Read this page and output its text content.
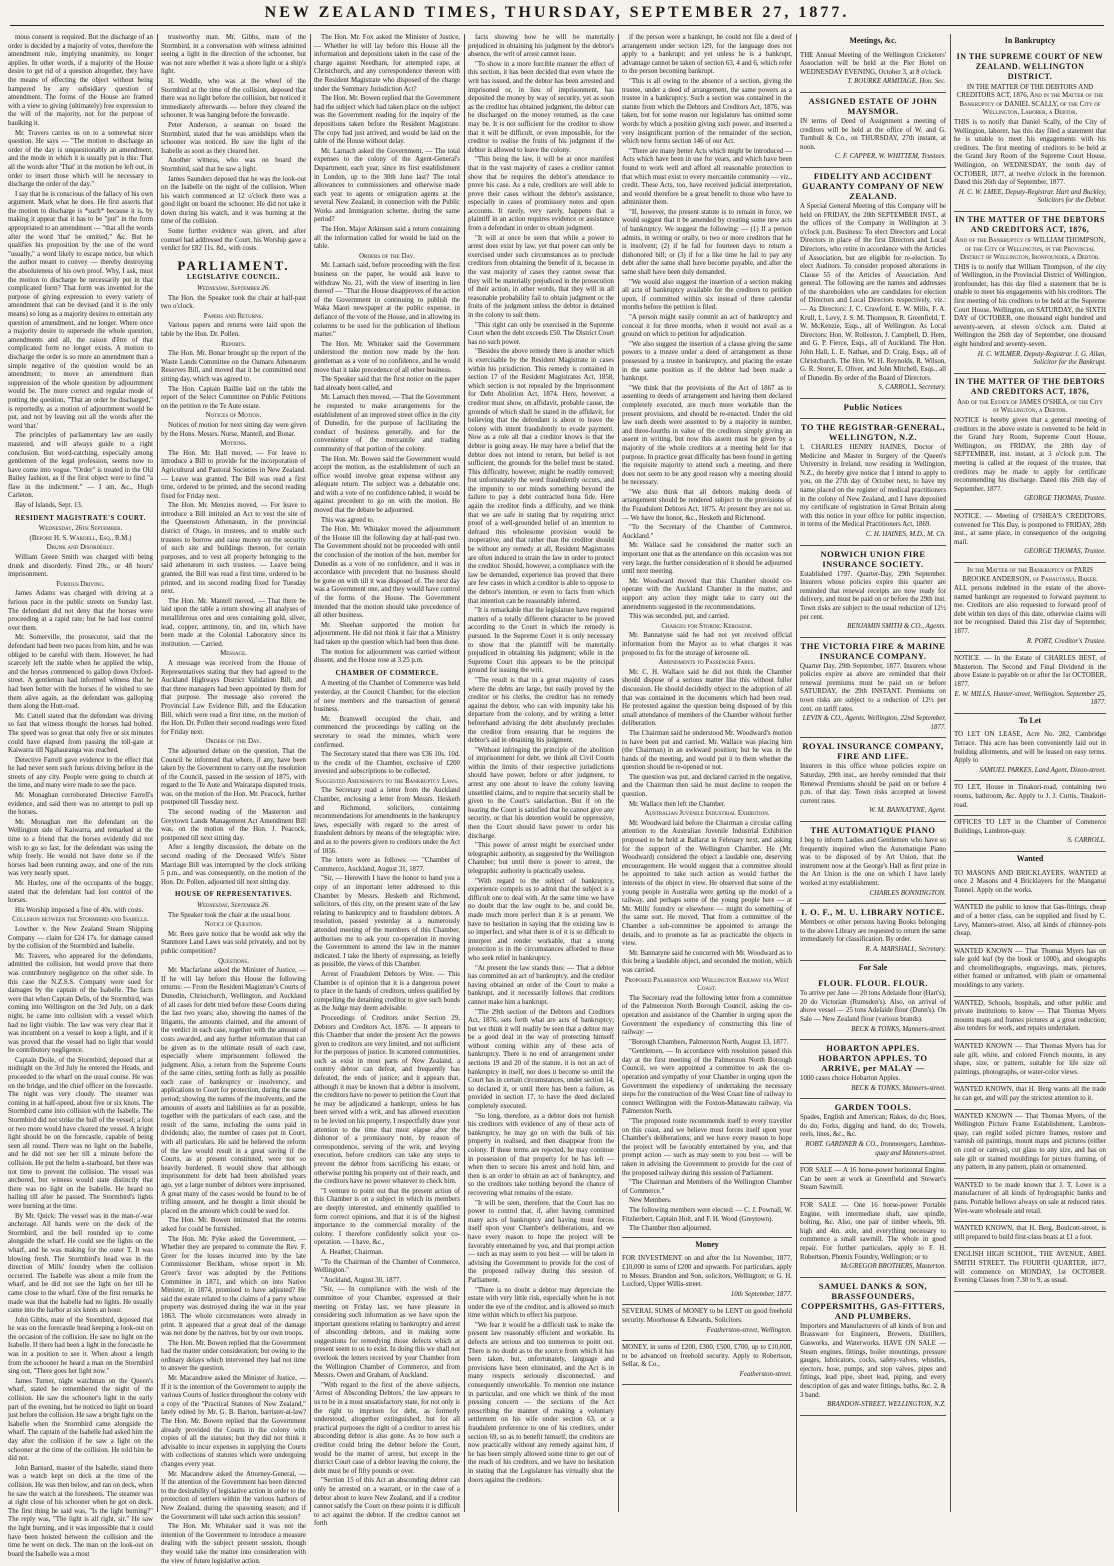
NEW ZEALAND TIMES, THURSDAY, SEPTEMBER 27, 1877.

mous consent is required. But the discharge of an order is decided by a majority of votes, therefore the amendment rule, implying unanimity, no longer applies. In other words, if a majority of the House desire to get rid of a question altogether, they have the means of effecting the object without being hampered by any subsidiary question of amendment. The forms of the House are framed with a view to giving (ultimately) free expression to the will of the majority, not for the purpose of baulking it.

Mr. Travers carries us on to a somewhat nicer question. He says — "The motion to discharge an order of the day is unquestionably an amendment, and the mode in which it is usually put is this: That all the words after 'That' in the motion be left out, in order to insert those which will be necessary to discharge the order of the day."

I say that he is conscious of the fallacy of his own argument. Mark what he does. He first asserts that the motion to discharge is *such* because it is, by making it appear that it has to be "put" in the form appropriated to an amendment — "that all the words after the word 'that' be omitted," &c. But he qualifies his proposition by the use of the word "usually," a word likely to escape notice, but which the author meant to convey — thereby destroying the absoluteness of his own proof. Why, I ask, must the motion to discharge be necessarily put in that complicated form? That form was invented for the purpose of giving expression to every variety of amendment that can be devised (and it is the only means) so long as a majority desires to entertain any question of amendment, and no longer. Where once a majority desire to supersede the whole question, amendments and all, the raison d'être of that complicated form no longer exists. A motion to discharge the order is so more an amendment than a simple negative of the question would be an amendment; to move an amendment than suppression of the whole question by adjournment would be. The more correct and regular mode of putting the question, "That an order be discharged," is reportedly, as a motion of adjournment would be put, and not by leaving out all the words after the word 'that.'

The principles of parliamentary law are easily mastered, and will always guide to a right conclusion. But word-catching, especially among gentlemen of the legal profession, seems now to have come into vogue. "Order" is treated in the Old Bailey fashion, as if the first object were to find "a flaw in the indictment." — I am, &c., Hugh Carleton.

Bay of Islands, Sept. 13.

RESIDENT MAGISTRATE'S COURT.
Wednesday, 26th September.
(Before H. S. Wardell, Esq., R.M.)
Drunk and Disorderly.

William Green Smith was charged with being drunk and disorderly. Fined 20s., or 48 hours' imprisonment.

Furious Driving.

James Adams was charged with driving at a furious pace in the public streets on Sunday last. The defendant did not deny that the horses were proceeding at a rapid rate; but he had lost control over them.

Mr. Somerville, the prosecutor, said that the defendant had been two paces from him, and he was obliged to be careful with them. However, he had scarcely left the stable when he applied the whip, and the horses commenced to gallop down Oxford-street. A gentleman had informed witness that he had been better with the horses if he wished to see them alive again, as the defendant was galloping them along the Hutt-road.

Mr. Cattell stated that the defendant was driving so fast that witness thought the horses had bolted. The speed was so great that only five or six minutes could have elapsed from passing the toll-gate at Kaiwarra till Ngahauranga was reached.

Detective Farrell gave evidence to the effect that he had never seen such furious driving before in the streets of any city. People were going to church at the time, and many were made to see the pace.

Mr. Monaghan corroborated Detective Farrell's evidence, and said there was no attempt to pull up the horses.

Mr. Monaghan met the defendant on the Wellington side of Kaiwarra, and remarked at the time to a friend that the horses evidently did not wish to go so fast, for the defendant was using the whip freely. He would not have done so if the horses had been running away, and one of the ruts was very nearly upset.

Mr. Hurley, one of the occupants of the buggy, stated that the defendant had lost control of the horses.

His Worship imposed a fine of 40s. with costs.

Collision between the Stormbird and Isabelle.

Lowther v. the New Zealand Steam Shipping Company — claim for £24 17s. for damage caused by the collision of the Stormbird and Isabelle.

Mr. Travers, who appeared for the defendants, admitted the collision, but would prove that there was contributory negligence on the other side. In this case the N.Z.S.S. Company were sued for damages by the captain of the Isabelle. The facts were that when Captain Delis, of the Stormbird, was coming into Wellington on the 3rd July, on a dark night, he came into collision with a vessel which had no light visible. The law was very clear that it was incumbent on a vessel to keep a light, and if it was proved that the vessel had no light that would be contributory negligence.

Captain Doile, of the Stormbird, deposed that at midnight on the 3rd July he entered the Heads, and proceeded to the wharf on the usual course. He was on the bridge, and the chief officer on the forecastle. The night was very cloudy. The steamer was coming in at half-speed, about five or six knots. The Stormbird came into collision with the Isabelle. The Stormbird did not strike the hull of the vessel; a foot or two more would have cleared the vessel. A bright light should be on the forecastle, capable of being seen all round. There was no light on the Isabelle, and he did not see her till a minute before the collision. He put the helm a-starboard, but there was not time to prevent the collision. The vessel was anchored, but witness would state distinctly that there was no light on the Isabelle. He heard no hailing till after he passed. The Stormbird's lights were burning at the time.

By Mr. Quick: The vessel was in the man-o'-war anchorage. All hands were on the deck of the Stormbird, and the bell rounded up to come alongside the wharf. He could see the lights on the wharf, and he was making for the outer T. It was blowing fresh. The Stormbird's head was in the direction of Mills' foundry when the collision occurred. The Isabelle was about a mile from the wharf, and he did not see the light on her till he came close to the wharf. One of the first remarks he made was that the Isabelle had no lights. He usually came into the harbor at six knots an hour.

John Gibbs, mate of the Stormbird, deposed that he was on the forecastle head keeping a look-out on the occasion of the collision. He saw no light on the Isabelle. If there had been a light in the forecastle he was in a position to see it. When about a length from the schooner he heard a man on the Stormbird sing out, "There goes her light now."

James Turner, night watchman on the Queen's wharf, stated he remembered the night of the collision. He saw the schooner's light in the early part of the evening, but he noticed no light on board just before the collision. He saw a bright light on the Isabelle when the Stormbird came alongside the wharf. The captain of the Isabelle had asked him the day after the collision if he saw a light on the schooner at the time of the collision. He told him he did not.

John Barnard, master of the Isabelle, stated there was a watch kept on deck at the time of the collision. He was then below, and ran on deck, when he saw the watch at the foresheets. The steamer was at right close of his schooner when he got on deck. The first thing he said was, "Is the light burning?" The reply was, "The light is all right, sir." He saw the light burning, and it was impossible that it could have been hoisted between the collision and the time he went on deck. The man on the look-out on board the Isabelle was a most

trustworthy man. Mr. Gibbs, mate of the Stormbird, in a conversation with witness admitted seeing a light in the direction of the schooner, but was not sure whether it was a shore light or a ship's light.

H. Weddle, who was at the wheel of the Stormbird at the time of the collision, deposed that there was no light before the collision, but noticed it immediately afterwards — before they cleared the schooner. It was hanging before the forecastle.

Peter Anderson, a seaman on board the Stormbird, stated that he was amidships when the schooner was noticed. He saw the light of the Isabelle as soon as they cleared her.

Another witness, who was on board the Stormbird, said that he saw a light.

James Saunders deposed that he was the look-out on the Isabelle on the night of the collision. When his watch commenced at 12 o'clock there was a good light on board the schooner. He did not take it down during his watch, and it was burning at the time of the collision.

Some further evidence was given, and after counsel had addressed the Court, his Worship gave a verdict for £82 11s. 8d., with costs.

PARLIAMENT.
LEGISLATIVE COUNCIL.
Wednesday, September 26.

The Hon. the Speaker took the chair at half-past two o'clock.

Papers and Returns.

Various papers and returns were laid upon the table by the Hon. Dr. Pollen.

Reports.

The Hon. Mr. Bonar brought up the report of the Waste Lands Committee on the Oamaru Athenæum Reserves Bill, and moved that it be committed next sitting day, which was agreed to.

The Hon. Captain Baillie laid on the table the report of the Select Committee on Public Petitions on the petition re the Te Aute estate.

Notices of Motion.

Notices of motion for next sitting day were given by the Hons. Messrs. Nurse, Mantell, and Bonar.

Motions.

The Hon. Mr. Hall moved, — For leave to introduce a Bill to provide for the incorporation of Agricultural and Pastoral Societies in New Zealand. — Leave was granted. The Bill was read a first time, ordered to be printed, and the second reading fixed for Friday next.

The Hon. Mr. Menzies moved, — For leave to introduce a Bill intituled an Act to vest the site of the Queenstown Athenæum, in the provincial district of Otago, in trustees, and to enable such trustees to borrow and raise money on the security of such site and buildings thereon, for certain purposes, and to vest all property belonging to the said athenæum in such trustees. — Leave being granted, the Bill was read a first time, ordered to be printed, and its second reading fixed for Tuesday next.

The Hon. Mr. Mantell moved, — That there be laid upon the table a return showing all analyses of metalliferous ores and ores containing gold, silver, lead, copper, antimony, tin, and tin, which have been made at the Colonial Laboratory since its institution. — Carried.

Message.

A message was received from the House of Representatives stating that they had agreed to the Auckland Highways District Validation Bill, and that three managers had been appointed by them for that purpose. The message also covered the Provincial Law Evidence Bill, and the Education Bill, which were read a first time, on the motion of the Hon. Dr. Pollen their second readings were fixed for Friday next.

Orders of the Day.

The adjourned debate on the question, That the Council be informed that where, if any, have been taken by the Government to carry out the resolution of the Council, passed in the session of 1875, with regard to the Te Aute and Wairarapa disputed trusts, was, on the motion of the Hon. Mr. Peacock, further postponed till Tuesday next.

The second reading of the Masterton and Greytown Lands Management Act Amendment Bill was, on the motion of the Hon. J. Peacock, postponed till next sitting day.

After a lengthy discussion, the debate on the second reading of the Deceased Wife's Sister Marriage Bill was interrupted by the clock striking 5 p.m., and was consequently, on the motion of the Hon. Dr. Pollen, adjourned till next sitting day.

HOUSE OF REPRESENTATIVES.
Wednesday, September 26.

The Speaker took the chair at the usual hour.

Notice of Question.

Mr. Rees gave notice that he would ask why the Stanmore Land Laws was sold privately, and not by public competition?

Questions.

Mr. Macfarlane asked the Minister of Justice, — If he will lay before this House the following returns: — From the Resident Magistrate's Courts of Dunedin, Christchurch, Wellington, and Auckland of all cases for debt tried before these Courts during the last two years; also, showing the names of the litigants, the amounts claimed, and the amount of the verdict in each case, together with the amount of costs awarded, and any further information that can be given as to the ultimate result of each case, especially where imprisonment followed the judgment. Also, a return from the Supreme Courts of the same cities, setting forth as fully as possible each case of bankruptcy or insolvency, and applications to Court for protection, during the same period; showing the names of the insolvents, and the amounts of assets and liabilities as far as possible, together with the particulars of each case, and the result of the same, including the sums paid in dividends; also, the number of cases put in Court, with all particulars. He said he believed the reform of the law would result in a great saving if the Courts, as at present constituted, were not so heavily burdened. It would show that although imprisonment for debt had been abolished years ago, yet a large number of debtors were imprisoned. A great many of the cases would be found to be of trifling amount, and he thought a limit should be placed on the amount which could be sued for.

The Hon. Mr. Bowen intimated that the returns asked for could be furnished.

The Hon. Mr. Pyke asked the Government, — Whether they are prepared to commute the Rev. F. Greer for the losses incurred into by the late Commissioner Beckham, whose report in Mr. Greer's favor was adopted by the Petitions Committee in 1871, and which on into Native Minister, in 1874, promised to have adjusted? He said the estate related to the claims of a party whose property was destroyed during the war in the year 1863. The whole circumstances were already in print. It appeared that a great deal of the damage was not done by the natives, but by our own troops.

The Hon. Mr. Bowen replied that the Government had the matter under consideration; but owing to the ordinary delays which intervened they had not time to answer the question.

Mr. Macandrew asked the Minister of Justice, — If it is the intention of the Government to supply the various Courts of Justice throughout the colony with a copy of the "Practical Statutes of New Zealand," lately edited by Mr. G. B. Barton, barrister-at-law? The Hon. Mr. Bowen replied that the Government already provided the Courts in the colony with copies of all the statutes; but they did not think it advisable to incur expenses in supplying the Courts with collections of statutes which were undergoing changes every year.

Mr. Macandrew asked the Attorney-General, — If the attention of the Government has been directed to the desirability of legislative action in order to the protection of settlers within the various harbors of New Zealand, during the spawning season; and if the Government will take such action this session?

The Hon. Mr. Whitaker said it was not the intention of the Government to introduce a measure dealing with the subject present session, though they would take the matter into consideration with the view of future legislative action.

The Hon. Mr. Fox asked the Minister of Justice, — Whether he will lay before this House all the information and depositions taken in the case of the charge against Needham, for attempted rape, at Christchurch, and any correspondence thereon with the Resident Magistrate who disposed of the charge under the Summary Jurisdiction Act?

The Hon. Mr. Bowen replied that the Government had the subject which had taken place on the subject was the Government reading for the inquiry of the depositions taken before the Resident Magistrate. The copy had just arrived, and would be laid on the table of the House without delay.

Mr. Larnach asked the Government, — The total expenses to the colony of the Agent-General's Department, each year, since its first establishment in London, up to the 30th June last? The total allowances to commissioners and otherwise made each year to agents or emigration agents at the several New Zealand, in connection with the Public Works and Immigration scheme, during the same period?

The Hon. Major Atkinson said a return containing all the information called for would be laid on the table.

Orders of the Day.

Mr. Larnach said, before proceeding with the first business on the paper, he would ask leave to withdraw No. 21, with the view of inserting in lieu thereof — "That the House disapproves of the action of the Government in continuing to publish the Waka Maori newspaper at the public expense, in defiance of the vote of the House, and in allowing its columns to be used for the publication of libellous matter."

The Hon. Mr. Whitaker said the Government understood the motion now made by the hon. gentleman as a vote of no confidence, and he would move that it take precedence of all other business.

The Speaker said that the first notice on the paper had already been called, and

Mr. Larnach then moved, — That the Government be requested to make arrangements for the establishment of an improved street office in the city of Dunedin, for the purpose of facilitating the conduct of business generally, and for the convenience of the mercantile and trading community of that portion of the colony.

The Hon. Mr. Bowen said the Government would accept the motion, as the establishment of such an office would involve great expense without any adequate return. The subject was a debatable one, and with a vote of no confidence tabled, it would be against precedent to go on with the motion. He moved that the debate be adjourned.

This was agreed to.

The Hon. Mr. Whitaker moved the adjournment of the House till the following day at half-past two. The Government should not be proceeded with until the conclusion of the motion of the hon. member for Dunedin as a vote of no confidence, and it was in accordance with precedent that no business should be gone on with till it was disposed of. The next day was a Government one, and they would have control of the forms of the House. The Government intended that the motion should take precedence of all other business.

Mr. Sheehan supported the motion for adjournment. He did not think it fair that a Ministry had taken up the question which had been thus done.

The motion for adjournment was carried without dissent, and the House rose at 3.25 p.m.

CHAMBER OF COMMERCE.

A meeting of the Chamber of Commerce was held yesterday, at the Council Chamber, for the election of new members and the transaction of general business.

Mr. Bramwell occupied the chair, and commenced the proceedings by calling on the secretary to read the minutes, which were confirmed.

The Secretary stated that there was £36 10s. 10d. to the credit of the Chamber, exclusive of £200 invested and subscriptions to be collected.

Suggested Amendments to the Bankruptcy Laws.

The Secretary read a letter from the Auckland Chamber, enclosing a letter from Messrs. Hesketh and Richmond, solicitors, containing recommendations for amendments in the bankruptcy laws, especially with regard to the arrest of fraudulent debtors by means of the telegraphic wire, and as to the powers given to creditors under the Act of 1856.

The letters were as follows: — "Chamber of Commerce, Auckland, August 31, 1877.

"Sir, — Herewith I have the honor to hand you a copy of an important letter addressed to this Chamber by Messrs. Hesketh and Richmond, solicitors, of this city, on the present state of the law relating to bankruptcy and to fraudulent debtors. A resolution, passed yesterday at a numerously attended meeting of the members of this Chamber, authorises me to ask your co-operation in moving the Government to amend the law in the manner indicated. I take the liberty of expressing, as briefly as possible, the views of this Chamber.

Arrest of Fraudulent Debtors by Wire. — This Chamber is of opinion that it is a dangerous power to place in the hands of creditors, unless qualified by compelling the detaining creditor to give such bonds as the Judge may deem advisable.

Proceedings of Creditors under Section 29, Debtors and Creditors Act, 1876. — It appears to this Chamber that under the present Act the powers given to creditors are very limited, and not sufficient for the purposes of justice. In scattered communities, such as exist in most parts of New Zealand, a country debtor can defeat, and frequently has defeated, the ends of justice; and it appears that, although it may be known that a debtor is insolvent, the creditors have no power to petition the Court that he may be adjudicated a bankrupt, unless he has been served with a writ, and has allowed execution to be levied on his property. I respectfully draw your attention to the time that must elapse after the dishonor of a promissory note, by reason of correspondence, serving of the writ, and levying execution, before creditors can take any steps to prevent the debtor from sacrificing his estate, or otherwise putting his property out of their reach, and the creditors have no power whatever to check him.

"I venture to point out that the present action of this Chamber is on a subject in which its members are deeply interested, and eminently qualified to form correct opinions, and that it is of the highest importance to the commercial morality of the colony. I therefore confidently solicit your co-operation. — I have, &c.,

A. Heather, Chairman.

"To the Chairman of the Chamber of Commerce, Wellington."

"Auckland, August 30, 1877.

"Sir, — In compliance with the wish of the committee of your Chamber, expressed at their meeting on Friday last, we have pleasure in considering such information as we have upon the important questions relating to bankruptcy and arrest of absconding debtors, and in making some suggestions for remedying those defects which at present seem to us to exist. In doing this we shall not overlook the letters received by your Chamber from the Wellington Chamber of Commerce, and from Messrs. Owen and Graham, of Auckland.

"With regard to the first of the above subjects, 'Arrest of Absconding Debtors,' the law appears to us to be in a most unsatisfactory state, for not only is the right to imprison for debt, as formerly understood, altogether extinguished, but for all practical purposes the right of a creditor to arrest his absconding debtor is also gone. As to how such a creditor could bring the debtor before the Court, would be the matter of arrest, but except in the district Court case of a debtor leaving the colony, the debt must be of fifty pounds or over.

"Section 15 of this Act an absconding debtor can only be arrested on a warrant, or in the case of a debtor about to leave New Zealand, and if a creditor cannot satisfy the Court on these points it is difficult to act against the debtor. If the creditor cannot set forth

facts showing how he will be materially prejudiced in obtaining his judgment by the debtor's absence, the writ of arrest cannot issue.

"To show in a more forcible manner the effect of this section, it has been decided that even where the writ has issued, and the debtor has been arrested and imprisoned or, in lieu of imprisonment, has deposited the money by way of security, yet as soon as the creditor has obtained judgment, the debtor can be discharged on the money returned, as the case may be. It is not sufficient for the creditor to show that it will be difficult, or even impossible, for the creditor to realise the fruits of his judgment if the debtor is allowed to leave the colony.

"This being the law, it will be at once manifest that in the vast majority of cases a creditor cannot show that he requires the debtor's attendance to prove his case. As a rule, creditors are well able to prove their cases without the debtor's assistance, especially in cases of promissory notes and open accounts. It rarely, very rarely, happens that a plaintiff in an action requires evidence or assistance from a defendant in order to obtain judgment.

"It will at once be seen that while a power to arrest does exist by law, yet that power can only be exercised under such circumstances as to preclude creditors from obtaining the benefit of it, because in the vast majority of cases they cannot swear that they will be materially prejudiced in the prosecution of their action, in other words, that they will in all reasonable probability fail to obtain judgment or the fruits of the judgment unless the debtor is detained in the colony to suit them.

"This right can only be exercised in the Supreme Court when the debt exceeds £50. The District Court has no such power.

"Besides the above remedy there is another which is exercisable by the Resident Magistrate in cases within his jurisdiction. This remedy is contained in section 17 of the Resident Magistrates Act, 1858, which section is not repealed by the Imprisonment for Debt Abolition Act, 1874. Here, however, a creditor must show, on affidavit, probable cause, the grounds of which shall be stated in the affidavit, for believing that the defendant is about to leave the colony with intent fraudulently to evade payment. Now as a rule all that a creditor knows is that the debtor is going away. He may have a belief that the debtor does not intend to return, but belief is not sufficient, the grounds for the belief must be stated. This difficulty, however, might be readily removed; but unfortunately the word fraudulently occurs, and the impunity to our minds something beyond the failure to pay a debt contracted bona fide. Here again the creditor finds a difficulty, and we think that we are safe in stating that by requiring strict proof of a well-grounded belief of an intention to defraud this wholesome provision would be inoperative, and that rather than the creditor should be without any remedy at all, Resident Magistrates are often induced to strain the law in order to protect the creditor. Should, however, a compliance with the law be demanded, experience has proved that there are few cases in which a creditor is able to oppose to the debtor's intention, or even to facts from which that intention can be reasonably inferred.

"It is remarkable that the legislature have required matters of a totally different character to be proved according to the Court in which the remedy is pursued. In the Supreme Court it is only necessary to show that the plaintiff will be materially prejudiced in obtaining his judgment; while in the Supreme Court this appears to be the principal ground for issuing the writ.

"The result is that in a great majority of cases where the debts are large, but easily proved by the creditor or his clerks, the creditor has no remedy against the debtor, who can with impunity take his departure from the colony, and by writing a letter beforehand advising the debt absolutely precludes the creditor from ensuring that he requires the debtor's aid in obtaining his judgment.

"Without infringing the principle of the abolition of imprisonment for debt, we think all Civil Courts within the limits of their respective jurisdictions should have power, before or after judgment, to arrest any one about to leave the colony leaving unsettled claims, and to require that security shall be given to the Court's satisfaction. But if on the hearing the Court is satisfied that he cannot give any security, or that his detention would be oppressive, then the Court should have power to order his discharge.

"This power of arrest might be exercised under telegraphic authority, as suggested by the Wellington Chamber; but until there is power to arrest, the telegraphic authority is practically useless.

"With regard to the subject of bankruptcy, experience compels us to admit that the subject is a difficult one to deal with. At the same time we have no doubt that the law ought to be, and could be, made much more perfect than it is at present. We have no hesitation in saying that the existing law is so imperfect, and what there is of it is so difficult to interpret and render workable, that a strong protection is in the circumstances afforded to those who seek relief in bankruptcy.

"At present the law stands thus: — That a debtor has committed an act of bankruptcy, and the creditor having obtained an order of the Court to make a bankrupt, and it necessarily follows that creditors cannot make him a bankrupt.

"The 29th section of the Debtors and Creditors Act, 1876, sets forth what are acts of bankruptcy; but we think it will readily be seen that a debtor may be a good deal in the way of protecting himself without coming within any of these acts of bankruptcy. There is no end of arrangement under sections 19 and 20 of the statute, it is not an act of bankruptcy in itself, nor does it become so until the Court has in certain circumstances, under section 14, so declared it, or until there has been a failure, as provided in section 17, to have the deed declared completely executed.

"So long, therefore, as a debtor does not furnish his creditors with evidence of any of these acts of bankruptcy, he may go on with the bulk of his property in realised, and then disappear from the colony. If these terms are rejected, he may continue in possession of that property for he has left — when then to secure his arrest and hold him, and then is an order to obtain an act of bankruptcy, and so the creditors take nothing beyond the chance of recovering what remains of the estate.

"It will be seen, therefore, that the Court has no power to control that, if, after having committed many acts of bankruptcy and having must forces itself upon your Chamber's deliberations, and we have every reason to hope the project will be favorably entertained by you, and that prompt action — such as may seem to you best — will be taken in advising the Government to provide for the cost of the proposed railway during this session of Parliament.

"There is no doubt a debtor may depreciate the estate with very little risk, especially when he is not under the eye of the creditor, and is allowed so much time within which to effect his purpose.

"We fear it would be a difficult task to make the present law reasonably efficient and workable. Its defects are serious and too numerous to point out. There is no doubt as to the source from which it has been taken, but, unfortunately, language and provisions have been eliminated, and the Act is in many respects seriously disconnected, and consequently unworkable. To mention one instance in particular, and one which we think of the most pressing concern — the sections of the Act prescribing the manner of making a voluntary settlement on his wife under section 63, or a fraudulent preference to one of his creditors, under section 69, so as to benefit himself, the creditors are now practically without any remedy against him, if he has been simply allowed some time to get out of the reach of his creditors, and we have no hesitation in stating that the Legislature has virtually shut the doors against the creditors.

if the person were a bankrupt, he could not file a deed of arrangement under section 129, for the language does not apply to a bankrupt; and yet unless he is a bankrupt, advantage cannot be taken of section 63, 4 and 6, which refer to the person becoming bankrupt.

"This is all owing to the absence of a section, giving the trustee, under a deed of arrangement, the same powers as a trustee in a bankruptcy. Such a section was contained in the statute from which the Debtors and Creditors Act, 1876, was taken, but for some reason our legislature has omitted some words by which a position giving such power, and inserted a very insignificant portion of the remainder of the section, which now forms section 146 of our Act.

"There are many better Acts which might be introduced — Acts which have been in use for years, and which have been found to work well and afford all reasonable protection to that which must exist to every mercantile community — viz., credit. These Acts, too, have received judicial interpretation, and would therefore be a great benefit to those who have to administer them.

"If, however, the present statute is to remain in force, we would suggest that it be amended by creating some new acts of bankruptcy. We suggest the following: — (1) If a person admits, in writing or orally, to two or more creditors that he is insolvent; (2) if he fail for fourteen days to return a dishonored bill; or (3) if for a like time he fail to pay any debt after the same shall have become payable, and after the same shall have been duly demanded.

"We would also suggest the insertion of a section making all acts of bankruptcy available for the creditors to petition upon, if committed within six instead of three calendar months before the petition is filed.

"A person might easily commit an act of bankruptcy and conceal it for three months, when it would not avail as a ground on which to petition for adjudication.

"We also suggest the insertion of a clause giving the same powers to a trustee under a deed of arrangement as those possessed by a trustee in bankruptcy, and placing the estate in the same position as if the debtor had been made a bankrupt.

"We think that the provisions of the Act of 1867 as to assenting to deeds of arrangement and having them declared completely executed, are much more workable than the present provisions, and should be re-enacted. Under the old law such deeds were assented to by a majority in number, and three-fourths in value of the creditors simply giving an assent in writing, but now this assent must be given by a majority of the whole creditors at a meeting held for that purpose. In practice great difficulty has been found in getting the requisite majority to attend such a meeting, and there does not seem to be any good reason why a meeting should be necessary.

"We also think that all debtors making deeds of arrangement should be rendered subject to the provisions of the Fraudulent Debtors Act, 1875. At present they are not so. — We have the honor, &c., Hesketh and Richmond.

"To the Secretary of the Chamber of Commerce, Auckland."

Mr. Wallace said he considered the matter such an important one that as the attendance on this occasion was not very large, the further consideration of it should be adjourned until next meeting.

Mr. Woodward moved that this Chamber should co-operate with the Auckland Chamber in the matter, and support any action they might take to carry out the amendments suggested in the recommendations.

This was seconded, put, and carried.

Charges for Storing Kerosene.

Mr. Bannatyne said he had not yet received official information from the Mayor as to what charges it was proposed to fix for the storage of kerosene oil.

Amendments to Passenger Fares.

Mr. C. H. Wallace said he did not think the Chamber should dispose of a serious matter like this without fuller discussion. He should decidedly object to the adoption of all that was contained in the documents which had been read. He protested against the question being disposed of by this small attendance of members of the Chamber without further deliberation.

The Chairman said he understood Mr. Woodward's motion to have been put and carried. Mr. Wallace was placing him (the Chairman) in an awkward position; but he was in the hands of the meeting, and would put it to them whether the question should be re-opened or not.

The question was put, and declared carried in the negative, and the Chairman then said he must decline to reopen the question.

Mr. Wallace then left the Chamber.

Australian Juvenile Industrial Exhibition.

Mr. Woodward laid before the Chairman a circular calling attention to the Australian Juvenile Industrial Exhibition proposed to be held at Ballarat in February next, and asking for the support of the Wellington Chamber. He (Mr. Woodward) considered the object a laudable one, deserving encouragement. He would suggest that a committee should be appointed to take such action as would further the interests of the object in view. He observed that some of the young people in Australia were getting up the model of a railway, and perhaps some of the young people here — at Mr. Mills' foundry or elsewhere — might do something of the same sort. He moved, That from a committee of the Chamber a sub-committee be appointed to arrange the details, and to promote as far as practicable the objects in view.

Mr. Bannatyne said he concurred with Mr. Woodward as to this being a laudable object, and seconded the motion, which was carried.

Proposed Palmerston and Wellington Railway via West Coast.

The Secretary read the following letter from a committee of the Palmerston North Borough Council, asking the co-operation and assistance of the Chamber in urging upon the Government the expediency of constructing this line of railway: —

"Borough Chambers, Palmerston North, August 13, 1877.

"Gentlemen, — In accordance with resolution passed this day at the first meeting of the Palmerston North Borough Council, we were appointed a committee to ask the co-operation and sympathy of your Chamber in urging upon the Government the expediency of undertaking the necessary steps for the construction of the West Coast line of railway to connect Wellington with the Foxton-Manawatu railway, via Palmerston North.

"The proposed route recommends itself to every traveller on this coast, and we believe must forces itself upon your Chamber's deliberations; and we have every reason to hope the project will be favorably entertained by you, and that prompt action — such as may seem to you best — will be taken in advising the Government to provide for the cost of the proposed railway during this session of Parliament.

"The Chairman and Members of the Wellington Chamber of Commerce."

New Members.

The following members were elected: — C. J. Pownall, W. Fitzherbert, Captain Holt, and F. H. Wood (Greytown).

The Chamber then adjourned.

Money

FOR INVESTMENT on and after the 1st November, 1877, £10,000 in sums of £200 and upwards. For particulars, apply to Messrs. Brandon and Son, solicitors, Wellington; or G. H. Luxford, Upper Willis-street.

10th September, 1877.

SEVERAL SUMS of MONEY to be LENT on good freehold security. Moorhouse & Edwards, Solicitors.

Featherston-street, Wellington.

MONEY, in sums of £200, £300, £500, £700, up to £10,000, to be advanced on freehold security. Apply to Robertson, Sellar, & Co.,

Featherston-street.

Meetings, &c.

THE Annual Meeting of the Wellington Cricketers' Association will be held at the Pier Hotel on WEDNESDAY EVENING, October 3, at 8 o'clock.

T. BOURKE ARMITAGE, Hon. Sec.

ASSIGNED ESTATE OF JOHN MAYSMOR.

IN terms of Deed of Assignment a meeting of creditors will be held at the office of W. and G. Turnbull & Co., on THURSDAY, 27th instant, at noon.

C. F. CAPPER, W. WHITTEM, Trustees.

FIDELITY AND ACCIDENT GUARANTY COMPANY OF NEW ZEALAND.

A Special General Meeting of this Company will be held on FRIDAY, the 28th SEPTEMBER INST., at the offices of the Company in Wellington at 3 o'clock p.m. Business: To elect Directors and Local Directors in place of the first Directors and Local Directors, who retire in accordance with the Articles of Association, but are eligible for re-election. To elect Auditors. To consider proposed alterations in Clause 55 of the Articles of Association. And general. The following are the names and addresses of the shareholders who are candidates for election of Directors and Local Directors respectively, viz.: — As Directors: J. C. Crawford, E. W. Mills, F. A. Krull, L. Levy, J. S. M. Thompson, R. Greenfield, T. W. McKenzie, Esqs., all of Wellington. As Local Directors: Hon. W. Rolleston, J. Campbell, D. Hem, and G. P. Fierce, Esqs., all of Auckland. The Hon. John Hall, L. E. Nathan, and D. Craig, Esqs., all of Christchurch. The Hon. W. H. Reynolds, R. Wilson, G. R. Storer, E. Oliver, and John Mitchell, Esqs., all of Dunedin. By order of the Board of Directors.

S. CARROLL, Secretary.

Public Notices
TO THE REGISTRAR-GENERAL, WELLINGTON, N.Z.

I, CHARLES HENRY HAINES, Doctor of Medicine and Master in Surgery of the Queen's University in Ireland, now residing in Wellington, N.Z., do hereby give notice that I intend to apply to you, on the 27th day of October next, to have my name placed on the register of medical practitioners in the colony of New Zealand, and I have deposited my certificate of registration in Great Britain along with this notice in your office for public inspection, in terms of the Medical Practitioners Act, 1869.

C. H. HAINES, M.D., M. Ch.

NORWICH UNION FIRE INSURANCE SOCIETY.

Established 1797. Quarter-Day, 29th September. Insurers whose policies expire this quarter are reminded that renewal receipts are now ready for delivery, and must be paid on or before the 29th inst. Town risks are subject to the usual reduction of 12½ per cent.

BENJAMIN SMITH & CO., Agents.

THE VICTORIA FIRE & MARINE INSURANCE COMPANY.

Quarter Day, 29th September, 1877. Insurers whose policies expire as above are reminded that their renewal premiums must be paid on or before SATURDAY, the 29th INSTANT. Premiums on town risks are subject to a reduction of 12½ per cent. on tariff rates.

LEVIN & CO., Agents. Wellington, 22nd September, 1877.

ROYAL INSURANCE COMPANY, FIRE AND LIFE.

Insurers in this office whose policies expire on Saturday, 29th inst., are hereby reminded that their Renewal Premiums should be paid on or before 4 p.m. of that day. Town risks accepted at lowest current rates.

W. M. BANNATYNE, Agent.

THE AUTOMATIQUE PIANO

I beg to inform Ladies and Gentlemen who have so frequently inquired when the Automatique Piano was to be disposed of by Art Union, that the instrument now at the George's Hall as first prize in the Art Union is the one on which I have lately worked at my establishment.

CHARLES BONNINGTON.

I. O. F., M. U. LIBRARY NOTICE.

Members or other persons having Books belonging to the above Library are requested to return the same immediately for classification. By order.

R. A. MARSHALL, Secretary.

For Sale
FLOUR. FLOUR. FLOUR.

To arrive per Jane — 20 tons Adelaide flour (Hart's); 20 do Victorian (Rumsden's). Also, on arrival of above vessel — 25 tons Adelaide flour (Dunn's). On Sale — New Zealand flour (various brands).

BECK & TONKS, Manners-street.

HOBARTON APPLES. HOBARTON APPLES. TO ARRIVE, per MALAY —

1000 cases choice Hobarton Apples.

BECK & TONKS, Manners-street.

GARDEN TOOLS.

Spades, English and American; Rakes, do do; Hoes, do do; Forks, digging and hand, do do; Trowels, reels, lines, &c., &c.

ROBT. GARDNER & CO., Ironmongers, Lambton-quay and Manners-street.

FOR SALE — A 16 horse-power horizontal Engine. Can be seen at work at Greenfield and Stewart's Steam Sawmill.

FOR SALE — One 16 horse-power Portable Engine, with intermediate shaft, saw spindle, bolting, &c. Also, one pair of timber wheels, 9ft. high and 4in. axle, and everything necessary to commence a small sawmill. The whole in good repair. For further particulars, apply to F. H. Robertson, Phœnix Foundry, Wellington; or to

McGREGOR BROTHERS, Masterton.

SAMUEL DANKS & SON, BRASSFOUNDERS, COPPERSMITHS, GAS-FITTERS, AND PLUMBERS.

Importers and Manufacturers of all kinds of Iron and Brassware for Engineers, Brewers, Distillers, Gasworks, and Waterworks. HAVE ON SALE — Steam engines, fittings, boiler mountings, pressure gauges, lubricators, cocks, safety-valves, whistles, ejectors, hose, pumps, and stop valves, pipes and fittings, lead pipe, sheet lead, piping, and every description of gas and water fittings, baths, &c. 2, & 3 band.

BRANDON-STREET, WELLINGTON, N.Z.

In Bankruptcy
IN THE SUPREME COURT OF NEW ZEALAND. WELLINGTON DISTRICT.
IN THE MATTER OF THE DEBTORS AND CREDITORS ACT, 1876, And in the Matter of the Bankruptcy of DANIEL SCALLY, of the City of Wellington, Laborer, a Debtor.

THIS is to notify that Daniel Scally, of the City of Wellington, laborer, has this day filed a statement that he is unable to meet his engagements with his creditors. The first meeting of creditors to be held at the Grand Jury Room of the Supreme Court House, Wellington, on WEDNESDAY, the tenth day of OCTOBER, 1877, at twelve o'clock in the forenoon. Dated this 26th day of September, 1877.

H. C. W. LMEE, Deputy-Registrar. Hart and Buckley, Solicitors for the Debtor.

IN THE MATTER OF THE DEBTORS AND CREDITORS ACT, 1876,
And of the Bankruptcy of WILLIAM THOMPSON, of the City of Wellington, in the Provincial District of Wellington, Ironfounder, a Debtor.

THIS is to notify that William Thompson, of the city of Wellington, in the Provincial District of Wellington, ironfounder, has this day filed a statement that he is unable to meet his engagements with his creditors. The first meeting of his creditors to be held at the Supreme Court House, Wellington, on SATURDAY, the SIXTH DAY of OCTOBER, one thousand eight hundred and seventy-seven, at eleven o'clock a.m. Dated at Wellington the 26th day of September, one thousand eight hundred and seventy-seven.

H. C. WILMER, Deputy-Registrar. J. G. Allan, Solicitor for the Bankrupt.

IN THE MATTER OF THE DEBTORS AND CREDITORS ACT, 1876,
And of the Estate of JAMES O'SHEA, of the City of Wellington, a Debtor.

NOTICE is hereby given that a general meeting of creditors in the above estate is convened to be held in the Grand Jury Room, Supreme Court House, Wellington, on FRIDAY, the 28th day of SEPTEMBER, inst. instant, at 3 o'clock p.m. The meeting is called at the request of the trustee, that creditors may be made to apply for certificate recommending his discharge. Dated this 26th day of September, 1877.

GEORGE THOMAS, Trustee.

NOTICE. — Meeting of O'SHEA'S CREDITORS, convened for This Day, is postponed to FRIDAY, 28th inst., at same place, in consequence of the outgoing mail.

GEORGE THOMAS, Trustee.

In the Matter of the Bankruptcy of PARIS BROOKE ANDERSON, of Pahautanui, Baker.

ALL persons indebted in the estate of the above-named bankrupt are requested to forward payment to me. Creditors are also requested to forward proof of debt within ten days of this date, otherwise claims will not be recognised. Dated this 21st day of September, 1877.

R. PORT, Creditor's Trustee.

NOTICE. — In the Estate of CHARLES BEST, of Masterton. The Second and Final Dividend in the above Estate is payable on or after the 1st OCTOBER, 1877.

E. W. MILLS, Hunter-street, Wellington. September 25, 1877.

To Let

TO LET ON LEASE, Acre No. 282, Cambridge Terrace. This acre has been conveniently laid out in building allotments, and will be leased on easy terms. Apply to

SAMUEL PARKES, Land Agent, Dixon-street.

TO LET, House in Tinakori-road, containing two rooms, bathroom, &c. Apply to J. J. Curtis, Tinakori-road.

OFFICES TO LET in the Chamber of Commerce Buildings, Lambton-quay.

S. CARROLL.

Wanted

TO MASONS AND BRICKLAYERS. WANTED at once 2 Masons and 4 Bricklayers for the Manganui Tunnel. Apply on the works.

WANTED the public to know that Gas-fittings, cheap and of a better class, can be supplied and fixed by C. Levy, Manners-street. Also, all kinds of chimney-pots cheap.

WANTED KNOWN — That Thomas Myers has on sale gold leaf (by the book or 1000), and oleographs and chromolithographs, engravings, mats, pictures, either framed or unframed, with plain or ornamental mouldings to any variety.

WANTED, Schools, hospitals, and other public and private institutions to know — That Thomas Myers mounts maps and frames pictures at a great reduction; also tenders for work, and repairs undertaken.

WANTED KNOWN — That Thomas Myers has for sale gilt, white, and colored French mounts, in any shape, size, or pattern, suitable for life size oil paintings, photographs, or water-color views.

WANTED KNOWN, that H. Berg wants all the trade he can get, and will pay the strictest attention to it.

WANTED KNOWN — That Thomas Myers, of the Wellington Picture Frame Establishment, Lambton-quay, can regild soiled picture frames, restore and varnish oil paintings, mount maps and pictures (either on cord or canvas), cut glass to any size, and has on sale gilt or stained mouldings for picture framing, of any pattern, in any pattern, plain or ornamented.

WANTED to be made known that J. T. Lowe is a manufacturer of all kinds of hydrographic banks and pans. Portable bellows always on sale at reduced rates. Wire-ware wholesale and retail.

WANTED KNOWN, that H. Berg, Boulcott-street, is still prepared to build first-class boats at £1 a foot.

ENGLISH HIGH SCHOOL, THE AVENUE, ABEL SMITH STREET. The FOURTH QUARTER, 1877, will commence on MONDAY, 1st OCTOBER. Evening Classes from 7.30 to 9, as usual.
